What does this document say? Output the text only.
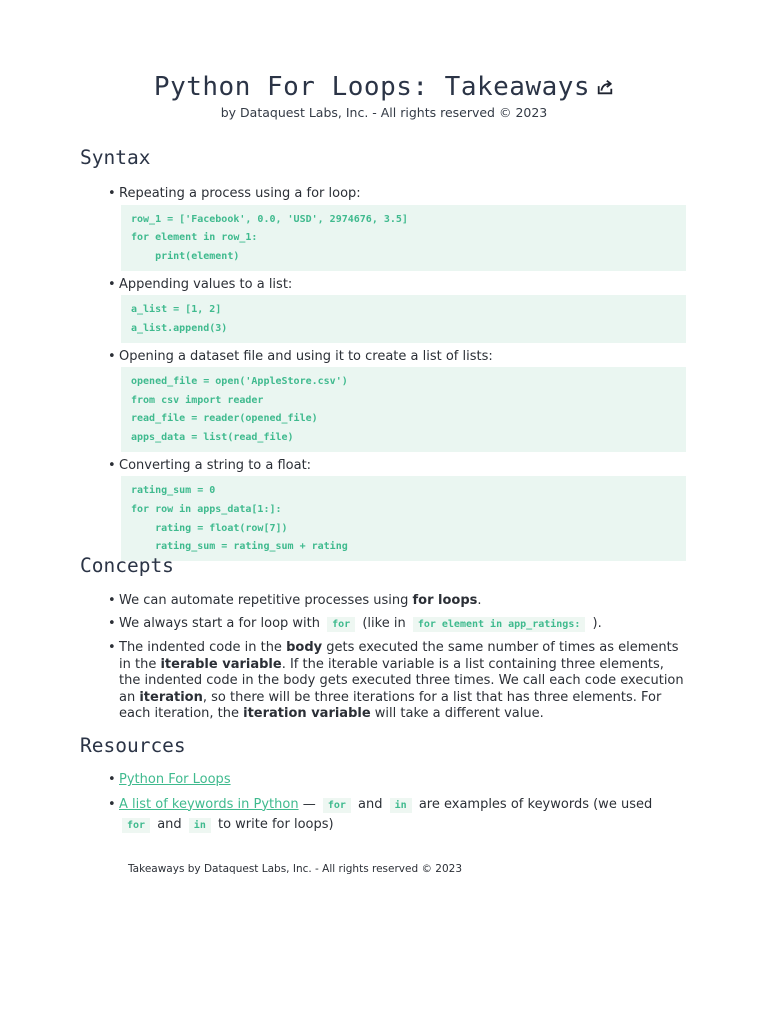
Python For Loops: Takeaways
by Dataquest Labs, Inc. - All rights reserved © 2023
Syntax
• Repeating a process using a for loop:
row_1 = ['Facebook', 0.0, 'USD', 2974676, 3.5]
for element in row_1:
print(element)
• Appending values to a list:
a_list = [1, 2]
a_list.append(3)
• Opening a dataset file and using it to create a list of lists:
opened_file = open('AppleStore.csv')
from csv import reader
read_file = reader(opened_file)
apps_data = list(read_file)
• Converting a string to a float:
rating_sum = 0
for row in apps_data[1:]:
rating = float(row[7])
rating_sum = rating_sum + rating
Concepts
• We can automate repetitive processes using for loops.
• We always start a for loop with for (like in for element in app_ratings: ).
• The indented code in the body gets executed the same number of times as elements in the iterable variable. If the iterable variable is a list containing three elements, the indented code in the body gets executed three times. We call each code execution an iteration, so there will be three iterations for a list that has three elements. For each iteration, the iteration variable will take a different value.
Resources
• Python For Loops
• A list of keywords in Python — for and in are examples of keywords (we used for and in to write for loops)
Takeaways by Dataquest Labs, Inc. - All rights reserved © 2023
